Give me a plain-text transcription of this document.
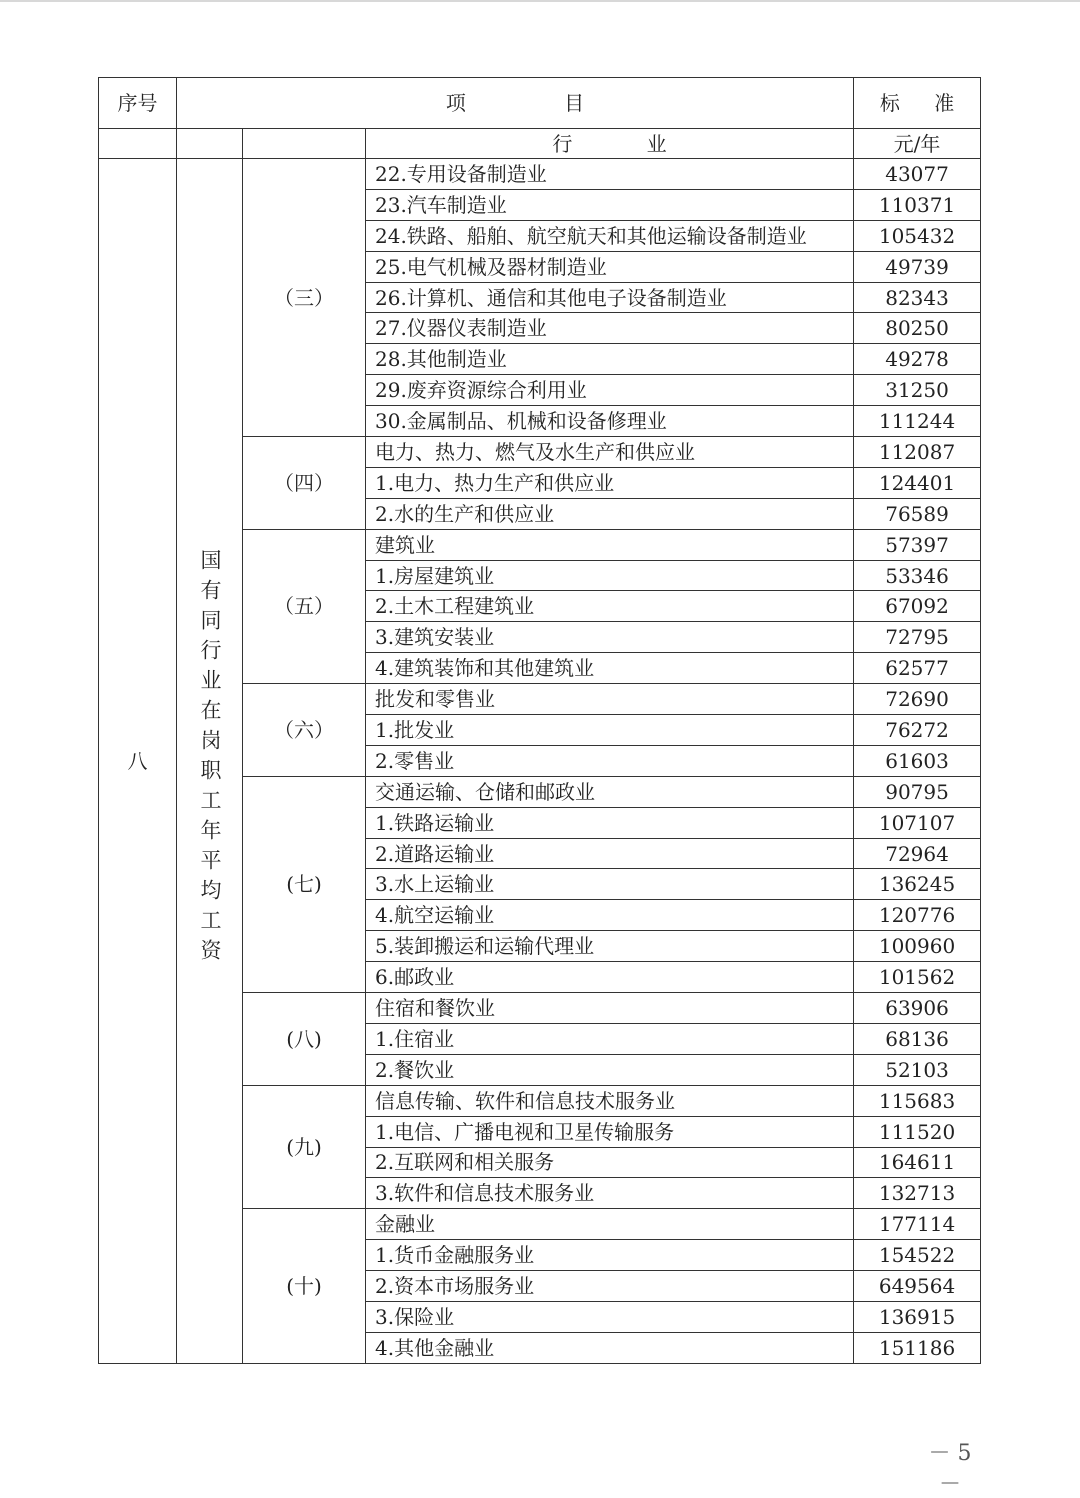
序号	项 目			标 准
			行 业	元/年
八	国有同行业在岗职工年平均工资	（三）	22.专用设备制造业	43077
			23.汽车制造业	110371
			24.铁路、船舶、航空航天和其他运输设备制造业	105432
			25.电气机械及器材制造业	49739
			26.计算机、通信和其他电子设备制造业	82343
			27.仪器仪表制造业	80250
			28.其他制造业	49278
			29.废弃资源综合利用业	31250
			30.金属制品、机械和设备修理业	111244
		（四）	电力、热力、燃气及水生产和供应业	112087
			1.电力、热力生产和供应业	124401
			2.水的生产和供应业	76589
		（五）	建筑业	57397
			1.房屋建筑业	53346
			2.土木工程建筑业	67092
			3.建筑安装业	72795
			4.建筑装饰和其他建筑业	62577
		（六）	批发和零售业	72690
			1.批发业	76272
			2.零售业	61603
		(七)	交通运输、仓储和邮政业	90795
			1.铁路运输业	107107
			2.道路运输业	72964
			3.水上运输业	136245
			4.航空运输业	120776
			5.装卸搬运和运输代理业	100960
			6.邮政业	101562
		(八)	住宿和餐饮业	63906
			1.住宿业	68136
			2.餐饮业	52103
		(九)	信息传输、软件和信息技术服务业	115683
			1.电信、广播电视和卫星传输服务	111520
			2.互联网和相关服务	164611
			3.软件和信息技术服务业	132713
		(十)	金融业	177114
			1.货币金融服务业	154522
			2.资本市场服务业	649564
			3.保险业	136915
			4.其他金融业	151186
－ 5 －
